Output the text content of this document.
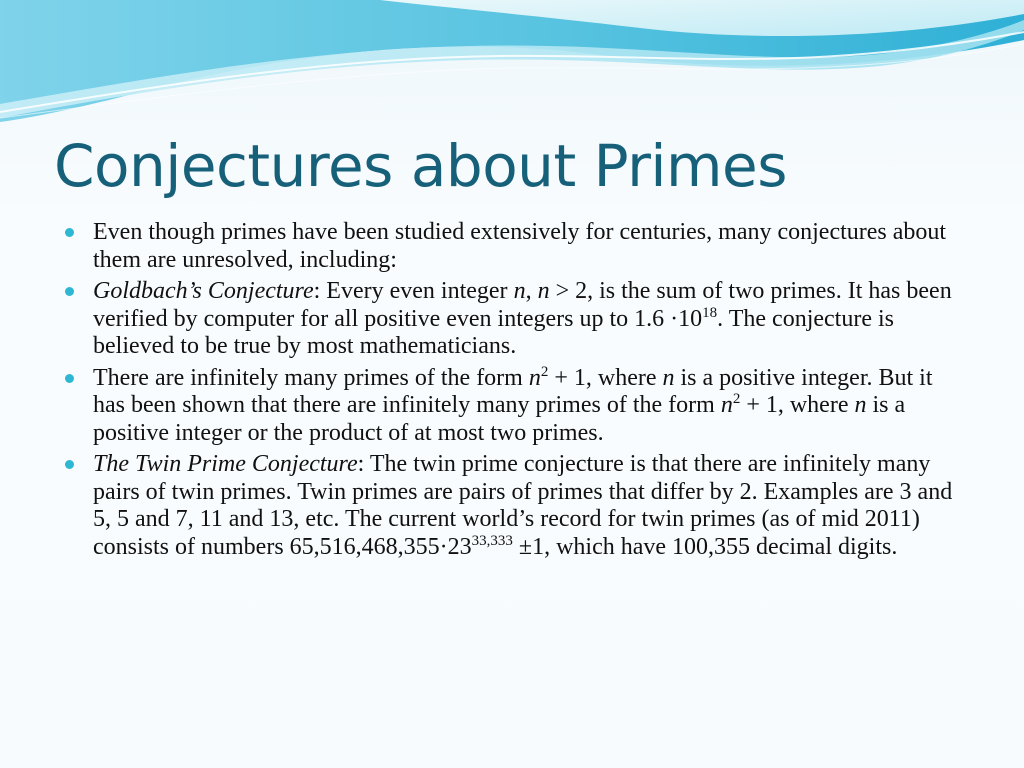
Conjectures about Primes
Even though primes have been studied extensively for centuries, many conjectures about them are unresolved, including:
Goldbach’s Conjecture: Every even integer n, n > 2, is the sum of two primes. It has been verified by computer for all positive even integers up to $1.6 \cdot 10^{18}$. The conjecture is believed to be true by most mathematicians.
There are infinitely many primes of the form $n^2 + 1$, where n is a positive integer. But it has been shown that there are infinitely many primes of the form $n^2 + 1$, where n is a positive integer or the product of at most two primes.
The Twin Prime Conjecture: The twin prime conjecture is that there are infinitely many pairs of twin primes. Twin primes are pairs of primes that differ by 2. Examples are 3 and 5, 5 and 7, 11 and 13, etc. The current world’s record for twin primes (as of mid 2011) consists of numbers $65,516,468,355\cdot 23^{33,333} \pm 1$, which have 100,355 decimal digits.
